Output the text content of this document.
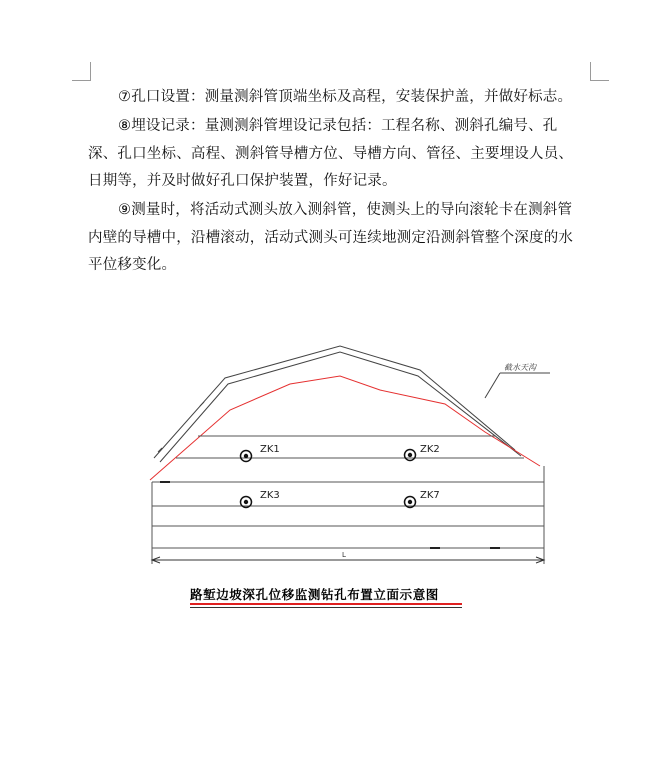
⑦孔口设置：测量测斜管顶端坐标及高程，安装保护盖，并做好标志。

⑧埋设记录：量测测斜管埋设记录包括：工程名称、测斜孔编号、孔深、孔口坐标、高程、测斜管导槽方位、导槽方向、管径、主要埋设人员、日期等，并及时做好孔口保护装置，作好记录。

⑨测量时，将活动式测头放入测斜管，使测头上的导向滚轮卡在测斜管内壁的导槽中，沿槽滚动，活动式测头可连续地测定沿测斜管整个深度的水平位移变化。

截水天沟
L
ZK1	ZK2
ZK3	ZK7
路堑边坡深孔位移监测钻孔布置立面示意图
